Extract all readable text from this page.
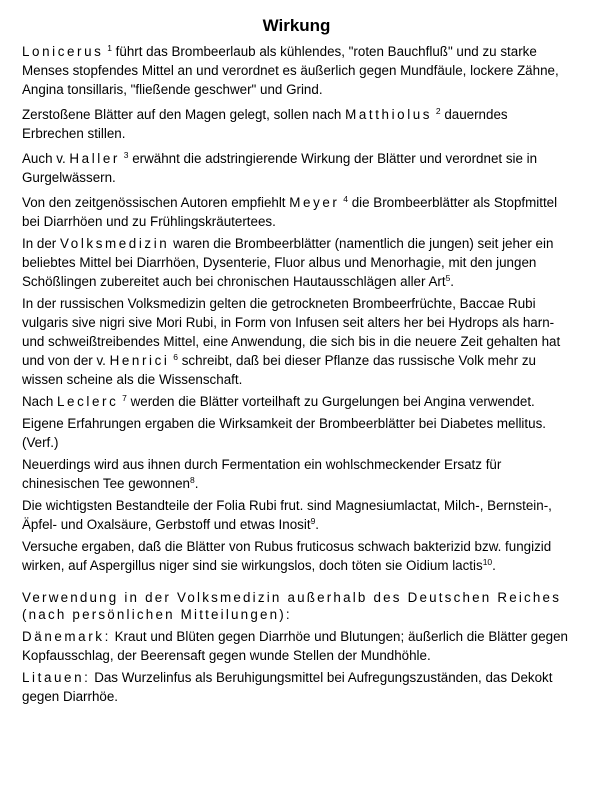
Wirkung
Lonicerus $^1$ führt das Brombeerlaub als kühlendes, "roten Bauchfluß" und zu starke Menses stopfendes Mittel an und verordnet es äußerlich gegen Mundfäule, lockere Zähne, Angina tonsillaris, "fließende geschwer" und Grind.
Zerstoßene Blätter auf den Magen gelegt, sollen nach Matthiolus $^2$ dauerndes Erbrechen stillen.
Auch v. Haller $^3$ erwähnt die adstringierende Wirkung der Blätter und verordnet sie in Gurgelwässern.
Von den zeitgenössischen Autoren empfiehlt Meyer $^4$ die Brombeerblätter als Stopfmittel bei Diarrhöen und zu Frühlingskräutertees.
In der Volksmedizin waren die Brombeerblätter (namentlich die jungen) seit jeher ein beliebtes Mittel bei Diarrhöen, Dysenterie, Fluor albus und Menorhagie, mit den jungen Schößlingen zubereitet auch bei chronischen Hautausschlägen aller Art$^5$.
In der russischen Volksmedizin gelten die getrockneten Brombeerfrüchte, Baccae Rubi vulgaris sive nigri sive Mori Rubi, in Form von Infusen seit alters her bei Hydrops als harn- und schweißtreibendes Mittel, eine Anwendung, die sich bis in die neuere Zeit gehalten hat und von der v. Henrici $^6$ schreibt, daß bei dieser Pflanze das russische Volk mehr zu wissen scheine als die Wissenschaft.
Nach Leclerc $^7$ werden die Blätter vorteilhaft zu Gurgelungen bei Angina verwendet.
Eigene Erfahrungen ergaben die Wirksamkeit der Brombeerblätter bei Diabetes mellitus. (Verf.)
Neuerdings wird aus ihnen durch Fermentation ein wohlschmeckender Ersatz für chinesischen Tee gewonnen$^8$.
Die wichtigsten Bestandteile der Folia Rubi frut. sind Magnesiumlactat, Milch-, Bernstein-, Äpfel- und Oxalsäure, Gerbstoff und etwas Inosit$^9$.
Versuche ergaben, daß die Blätter von Rubus fruticosus schwach bakterizid bzw. fungizid wirken, auf Aspergillus niger sind sie wirkungslos, doch töten sie Oidium lactis$^{10}$.
Verwendung in der Volksmedizin außerhalb des Deutschen Reiches (nach persönlichen Mitteilungen):
Dänemark: Kraut und Blüten gegen Diarrhöe und Blutungen; äußerlich die Blätter gegen Kopfausschlag, der Beerensaft gegen wunde Stellen der Mundhöhle.
Litauen: Das Wurzelinfus als Beruhigungsmittel bei Aufregungszuständen, das Dekokt gegen Diarrhöe.
